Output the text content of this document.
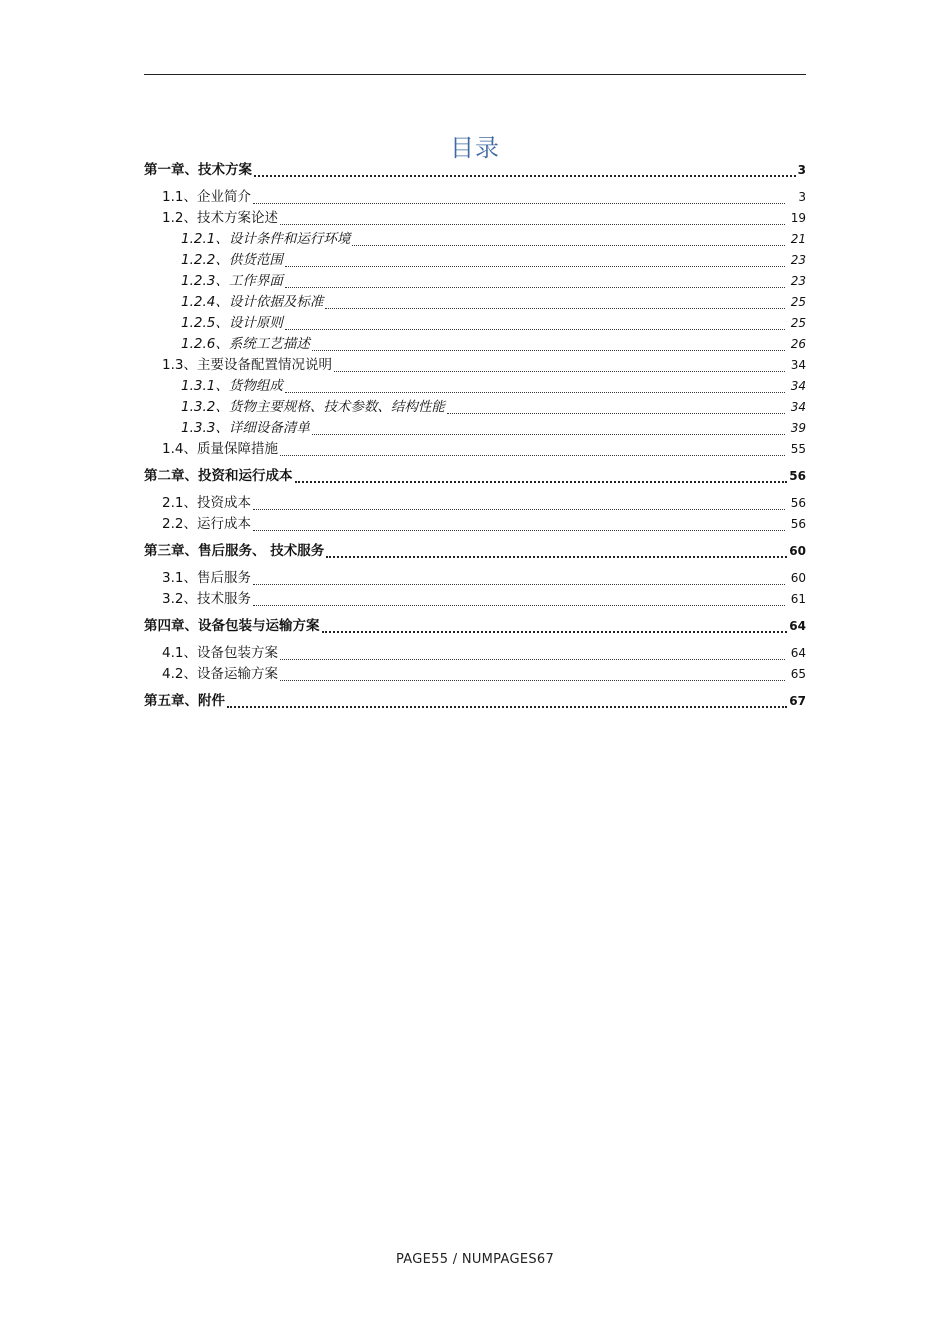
目录
第一章、技术方案	3
1.1、企业简介	3
1.2、技术方案论述	19
1.2.1、设计条件和运行环境	21
1.2.2、供货范围	23
1.2.3、工作界面	23
1.2.4、设计依据及标准	25
1.2.5、设计原则	25
1.2.6、系统工艺描述	26
1.3、主要设备配置情况说明	34
1.3.1、货物组成	34
1.3.2、货物主要规格、技术参数、结构性能	34
1.3.3、详细设备清单	39
1.4、质量保障措施	55
第二章、投资和运行成本	56
2.1、投资成本	56
2.2、运行成本	56
第三章、售后服务、 技术服务	60
3.1、售后服务	60
3.2、技术服务	61
第四章、设备包装与运输方案	64
4.1、设备包装方案	64
4.2、设备运输方案	65
第五章、附件	67
PAGE55 / NUMPAGES67
